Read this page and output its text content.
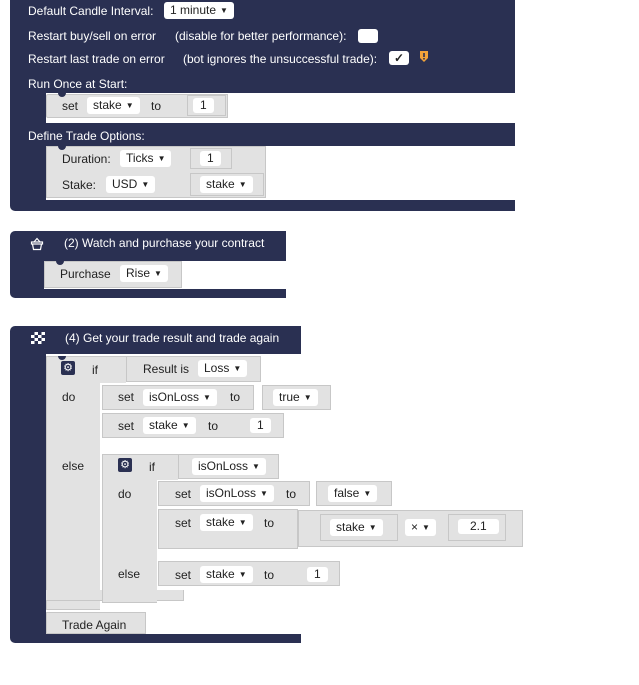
Default Candle Interval:	1 minute ▼
Restart buy/sell on error (disable for better performance):
Restart last trade on error (bot ignores the unsuccessful trade):	✓
Run Once at Start:
set	stake ▼	to	1
Define Trade Options:
Duration:	Ticks ▼	1
Stake:	USD ▼	stake ▼
(2) Watch and purchase your contract
Purchase	Rise ▼
(4) Get your trade result and trade again
⚙ if	Result is	Loss ▼
do	set	isOnLoss ▼	to	true ▼
set	stake ▼	to	1
else	⚙ if	isOnLoss ▼
do	set	isOnLoss ▼	to	false ▼
set	stake ▼	to	stake ▼	× ▼	2.1
else	set	stake ▼	to	1
Trade Again
